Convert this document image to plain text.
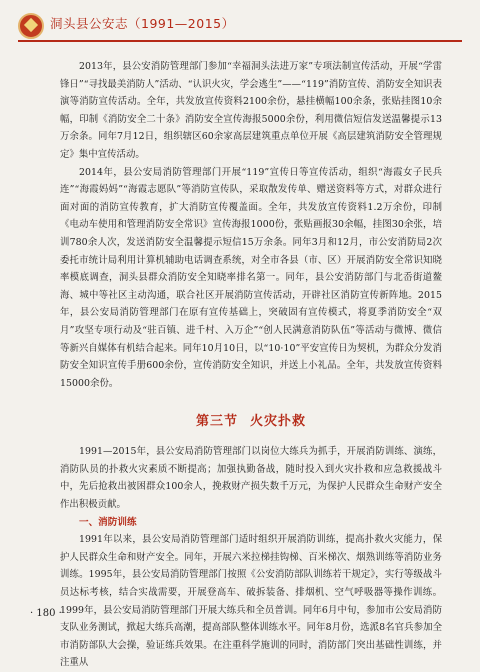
洞头县公安志（1991—2015）

2013年，县公安消防管理部门参加“幸福洞头法进万家”专项法制宣传活动，开展“学雷锋日”“寻找最美消防人”活动、“认识火灾，学会逃生”——“119”消防宣传、消防安全知识表演等消防宣传活动。全年，共发放宣传资料2100余份，悬挂横幅100余条，张贴挂图10余幅，印制《消防安全二十条》消防安全宣传海报5000余份，利用微信短信发送温馨提示13万余条。同年7月12日，组织辖区60余家高层建筑重点单位开展《高层建筑消防安全管理规定》集中宣传活动。

2014年，县公安局消防管理部门开展“119”宣传日等宣传活动，组织“海霞女子民兵连”“海霞妈妈”“海霞志愿队”等消防宣传队，采取散发传单、赠送资料等方式，对群众进行面对面的消防宣传教育，扩大消防宣传覆盖面。全年，共发放宣传资料1.2万余份，印制《电动车使用和管理消防安全常识》宣传海报1000份，张贴画报30余幅，挂图30余张，培训780余人次，发送消防安全温馨提示短信15万余条。同年3月和12月，市公安消防局2次委托市统计局利用计算机辅助电话调查系统，对全市各县（市、区）开展消防安全常识知晓率模底调查，洞头县群众消防安全知晓率排名第一。同年，县公安消防部门与北岙街道鳌海、城中等社区主动沟通，联合社区开展消防宣传活动，开辟社区消防宣传新阵地。2015年，县公安局消防管理部门在原有宣传基础上，突破固有宣传模式，将夏季消防安全“双月”攻坚专项行动及“驻百镇、进千村、入万企”“创人民满意消防队伍”等活动与微博、微信等新兴自媒体有机结合起来。同年10月10日，以“10·10”平安宣传日为契机，为群众分发消防安全知识宣传手册600余份，宣传消防安全知识，并送上小礼品。全年，共发放宣传资料15000余份。

第三节 火灾扑救

1991—2015年，县公安局消防管理部门以岗位大练兵为抓手，开展消防训练、演练，消防队员的扑救火灾素质不断提高；加强执勤备战，随时投入到火灾扑救和应急救援战斗中，先后抢救出被困群众100余人，挽救财产损失数千万元，为保护人民群众生命财产安全作出积极贡献。

一、消防训练

1991年以来，县公安局消防管理部门适时组织开展消防训练，提高扑救火灾能力，保护人民群众生命和财产安全。同年，开展六米拉梯挂钩梯、百米梯次、烟熟训练等消防业务训练。1995年，县公安局消防管理部门按照《公安消防部队训练若干规定》，实行等级战斗员达标考核，结合实战需要，开展登高车、破拆装备、排烟机、空气呼吸器等操作训练。1999年，县公安局消防管理部门开展大练兵和全员普训。同年6月中旬，参加市公安局消防支队业务测试，掀起大练兵高潮，提高部队整体训练水平。同年8月份，选派8名官兵参加全市消防部队大会操，验证练兵效果。在注重科学施训的同时，消防部门突出基础性训练，并注重从

· 180 ·
